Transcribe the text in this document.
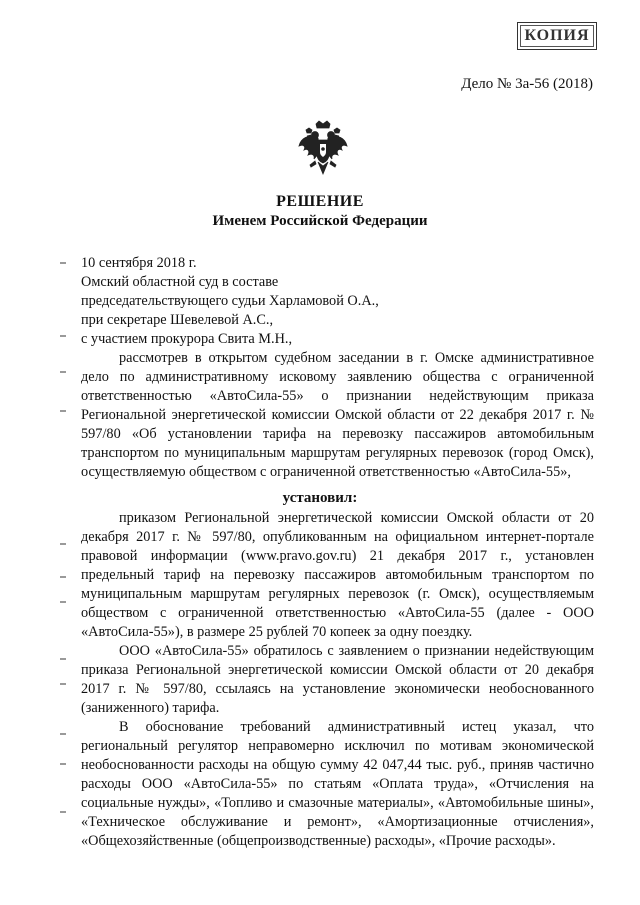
КОПИЯ
Дело № 3а-56 (2018)
РЕШЕНИЕ
Именем Российской Федерации

10 сентября 2018 г.

Омский областной суд в составе

председательствующего судьи Харламовой О.А.,

при секретаре Шевелевой А.С.,

с участием прокурора Свита М.Н.,

рассмотрев в открытом судебном заседании в г. Омске административное дело по административному исковому заявлению общества с ограниченной ответственностью «АвтоСила-55» о признании недействующим приказа Региональной энергетической комиссии Омской области от 22 декабря 2017 г. № 597/80 «Об установлении тарифа на перевозку пассажиров автомобильным транспортом по муниципальным маршрутам регулярных перевозок (город Омск), осуществляемую обществом с ограниченной ответственностью «АвтоСила-55»,

установил:

приказом Региональной энергетической комиссии Омской области от 20 декабря 2017 г. № 597/80, опубликованным на официальном интернет-портале правовой информации (www.pravo.gov.ru) 21 декабря 2017 г., установлен предельный тариф на перевозку пассажиров автомобильным транспортом по муниципальным маршрутам регулярных перевозок (г. Омск), осуществляемым обществом с ограниченной ответственностью «АвтоСила-55 (далее - ООО «АвтоСила-55»), в размере 25 рублей 70 копеек за одну поездку.

ООО «АвтоСила-55» обратилось с заявлением о признании недействующим приказа Региональной энергетической комиссии Омской области от 20 декабря 2017 г. № 597/80, ссылаясь на установление экономически необоснованного (заниженного) тарифа.

В обоснование требований административный истец указал, что региональный регулятор неправомерно исключил по мотивам экономической необоснованности расходы на общую сумму 42 047,44 тыс. руб., приняв частично расходы ООО «АвтоСила-55» по статьям «Оплата труда», «Отчисления на социальные нужды», «Топливо и смазочные материалы», «Автомобильные шины», «Техническое обслуживание и ремонт», «Амортизационные отчисления», «Общехозяйственные (общепроизводственные) расходы», «Прочие расходы».
